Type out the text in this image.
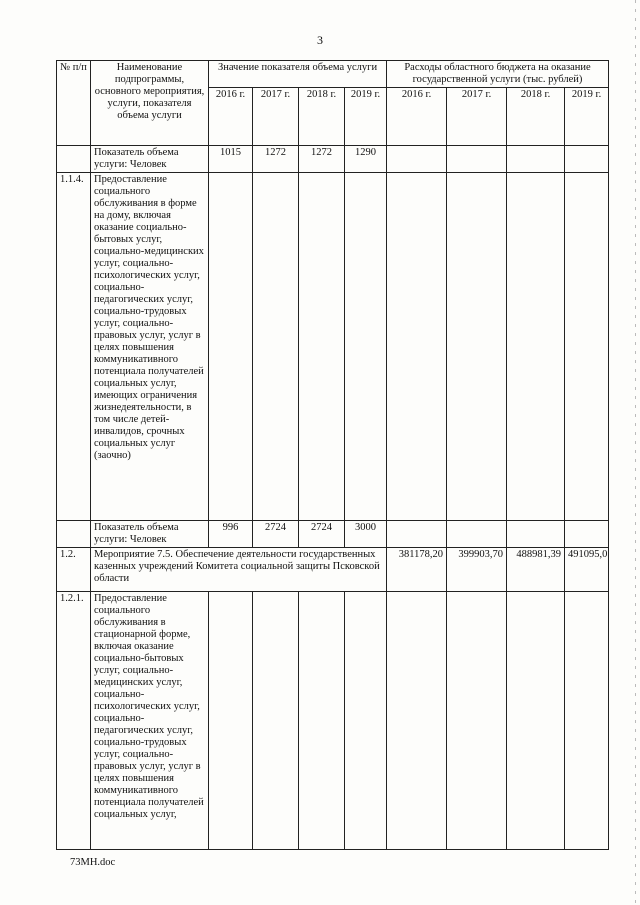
3
№ п/п	Наименование подпрограммы, основного мероприятия, услуги, показателя объема услуги	Значение показателя объема услуги				Расходы областного бюджета на оказание государственной услуги (тыс. рублей)			
		2016 г.	2017 г.	2018 г.	2019 г.	2016 г.	2017 г.	2018 г.	2019 г.
	Показатель объема услуги: Человек	1015	1272	1272	1290				
1.1.4.	Предоставление социального обслуживания в форме на дому, включая оказание социально-бытовых услуг, социально-медицинских услуг, социально-психологических услуг, социально-педагогических услуг, социально-трудовых услуг, социально-правовых услуг, услуг в целях повышения коммуникативного потенциала получателей социальных услуг, имеющих ограничения жизнедеятельности, в том числе детей-инвалидов, срочных социальных услуг (заочно)								
	Показатель объема услуги: Человек	996	2724	2724	3000				
1.2.	Мероприятие 7.5. Обеспечение деятельности государственных казенных учреждений Комитета социальной защиты Псковской области					381178,20	399903,70	488981,39	491095,0
1.2.1.	Предоставление социального обслуживания в стационарной форме, включая оказание социально-бытовых услуг, социально-медицинских услуг, социально-психологических услуг, социально-педагогических услуг, социально-трудовых услуг, социально-правовых услуг, услуг в целях повышения коммуникативного потенциала получателей социальных услуг,								
73MH.doc
